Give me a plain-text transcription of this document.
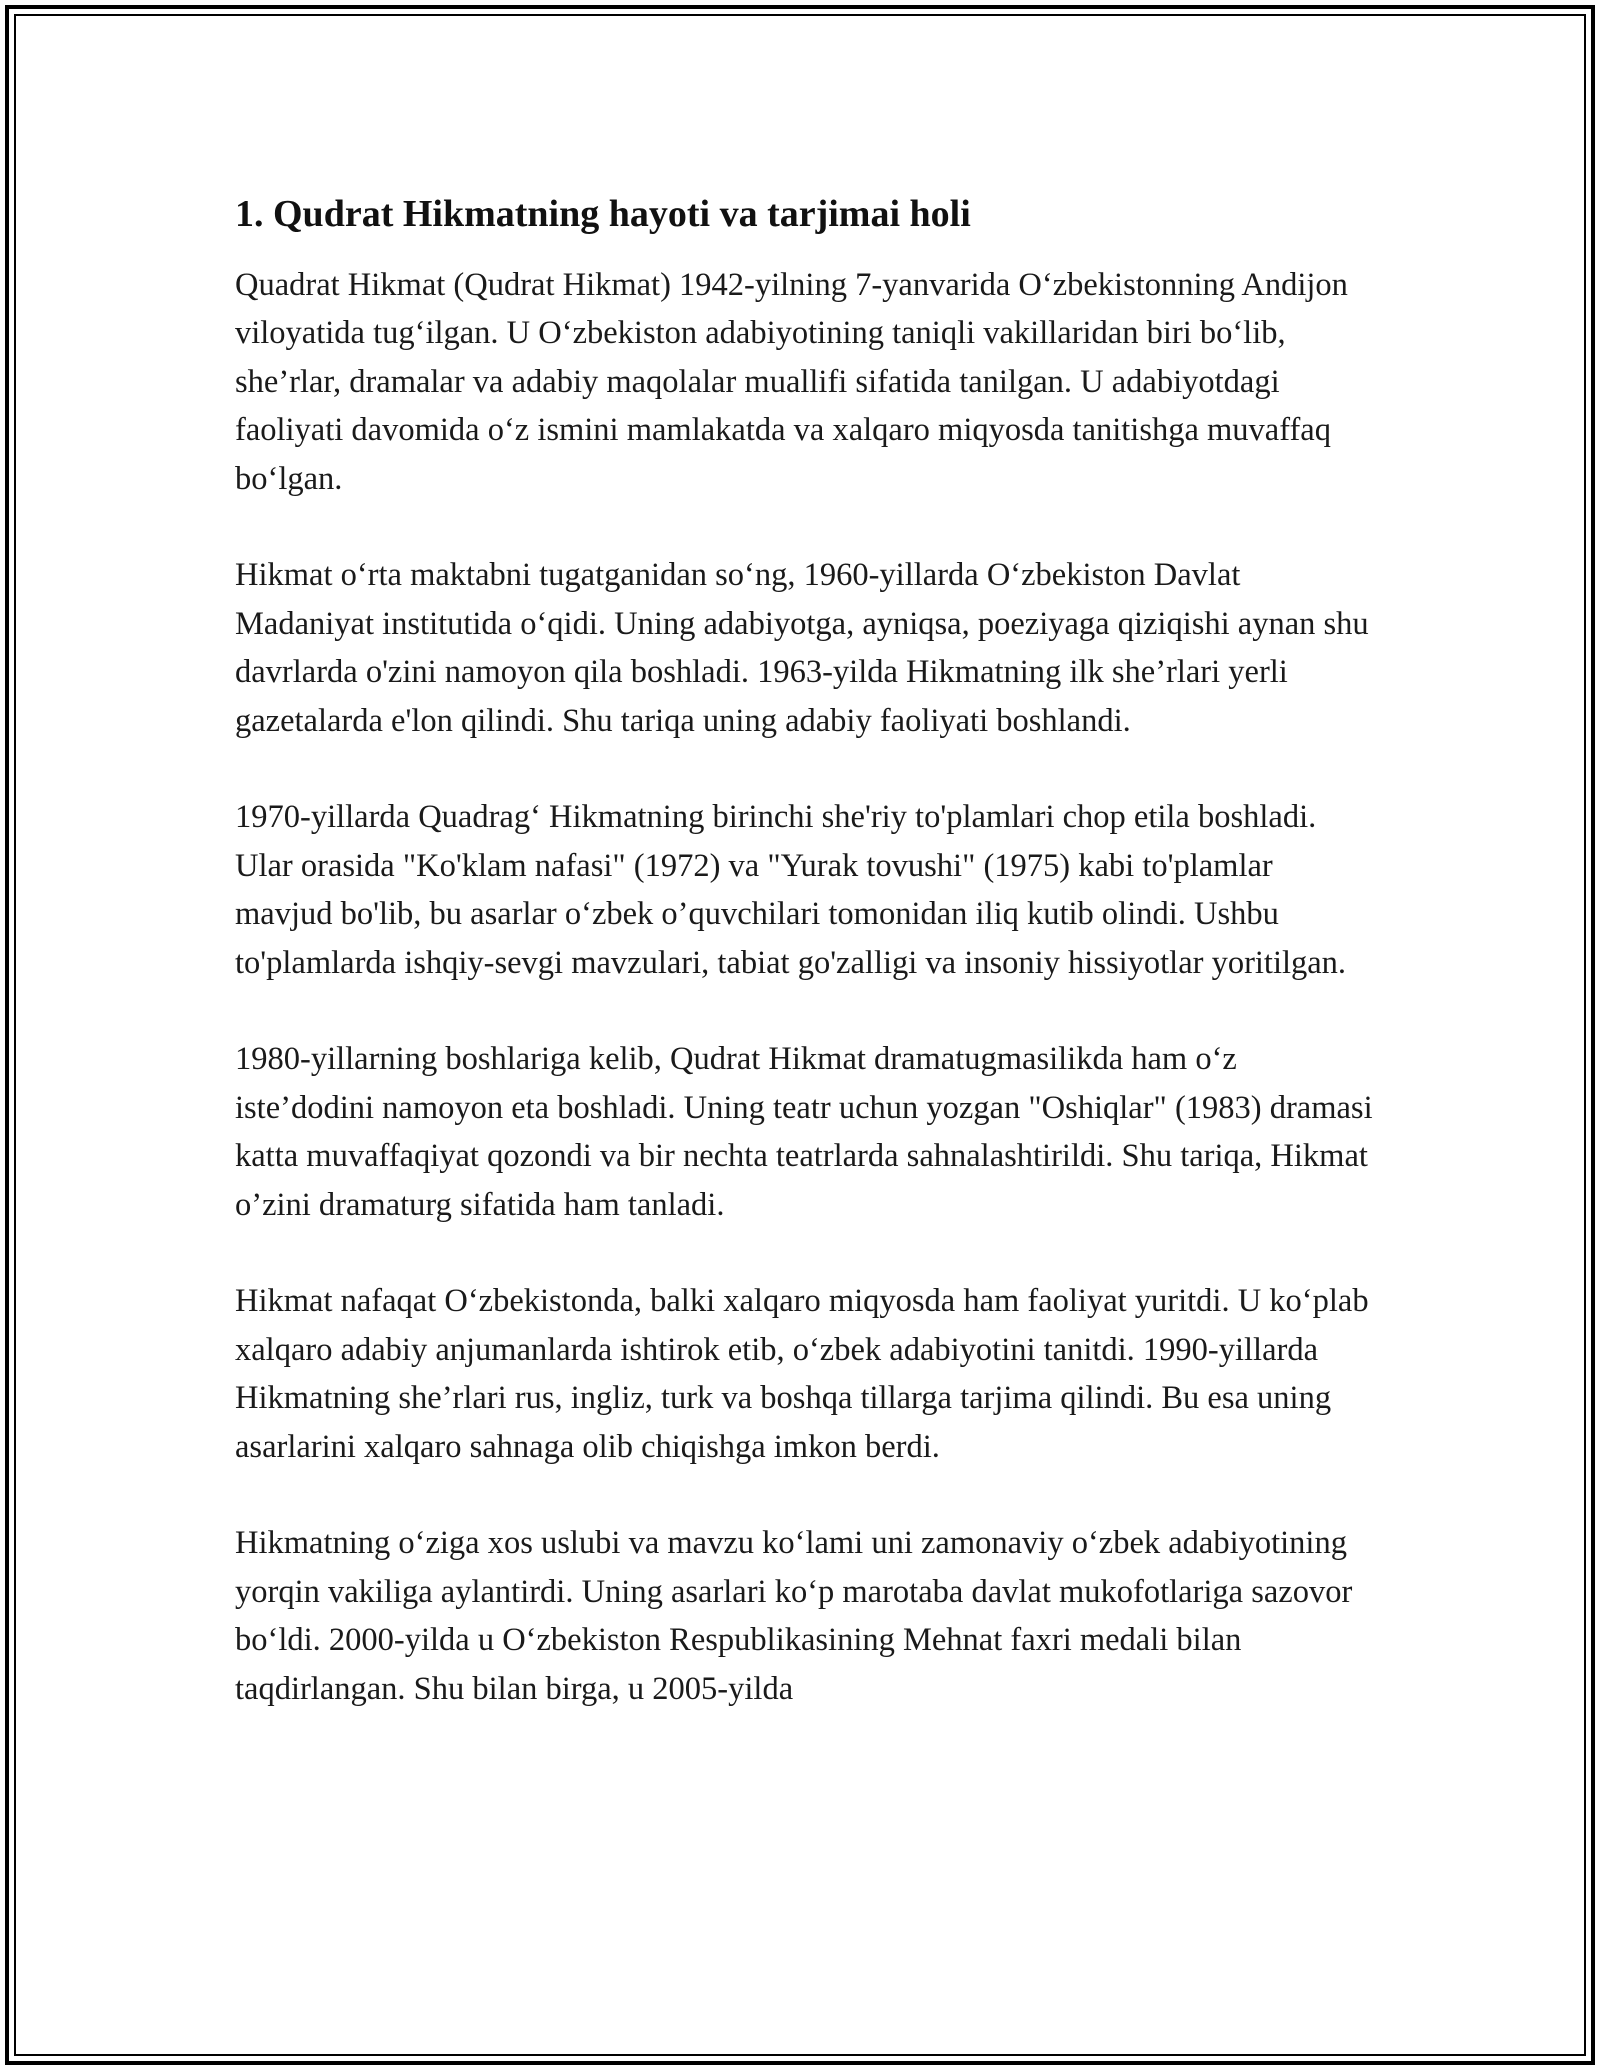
1. Qudrat Hikmatning hayoti va tarjimai holi

Quadrat Hikmat (Qudrat Hikmat) 1942-yilning 7-yanvarida O‘zbekistonning Andijon viloyatida tug‘ilgan. U O‘zbekiston adabiyotining taniqli vakillaridan biri bo‘lib, she’rlar, dramalar va adabiy maqolalar muallifi sifatida tanilgan. U adabiyotdagi faoliyati davomida o‘z ismini mamlakatda va xalqaro miqyosda tanitishga muvaffaq bo‘lgan.

Hikmat o‘rta maktabni tugatganidan so‘ng, 1960-yillarda O‘zbekiston Davlat Madaniyat institutida o‘qidi. Uning adabiyotga, ayniqsa, poeziyaga qiziqishi aynan shu davrlarda o'zini namoyon qila boshladi. 1963-yilda Hikmatning ilk she’rlari yerli gazetalarda e'lon qilindi. Shu tariqa uning adabiy faoliyati boshlandi.

1970-yillarda Quadrag‘ Hikmatning birinchi she'riy to'plamlari chop etila boshladi. Ular orasida "Ko'klam nafasi" (1972) va "Yurak tovushi" (1975) kabi to'plamlar mavjud bo'lib, bu asarlar o‘zbek o’quvchilari tomonidan iliq kutib olindi. Ushbu to'plamlarda ishqiy-sevgi mavzulari, tabiat go'zalligi va insoniy hissiyotlar yoritilgan.

1980-yillarning boshlariga kelib, Qudrat Hikmat dramatugmasilikda ham o‘z iste’dodini namoyon eta boshladi. Uning teatr uchun yozgan "Oshiqlar" (1983) dramasi katta muvaffaqiyat qozondi va bir nechta teatrlarda sahnalashtirildi. Shu tariqa, Hikmat o’zini dramaturg sifatida ham tanladi.

Hikmat nafaqat O‘zbekistonda, balki xalqaro miqyosda ham faoliyat yuritdi. U ko‘plab xalqaro adabiy anjumanlarda ishtirok etib, o‘zbek adabiyotini tanitdi. 1990-yillarda Hikmatning she’rlari rus, ingliz, turk va boshqa tillarga tarjima qilindi. Bu esa uning asarlarini xalqaro sahnaga olib chiqishga imkon berdi.

Hikmatning o‘ziga xos uslubi va mavzu ko‘lami uni zamonaviy o‘zbek adabiyotining yorqin vakiliga aylantirdi. Uning asarlari ko‘p marotaba davlat mukofotlariga sazovor bo‘ldi. 2000-yilda u O‘zbekiston Respublikasining Mehnat faxri medali bilan taqdirlangan. Shu bilan birga, u 2005-yilda
